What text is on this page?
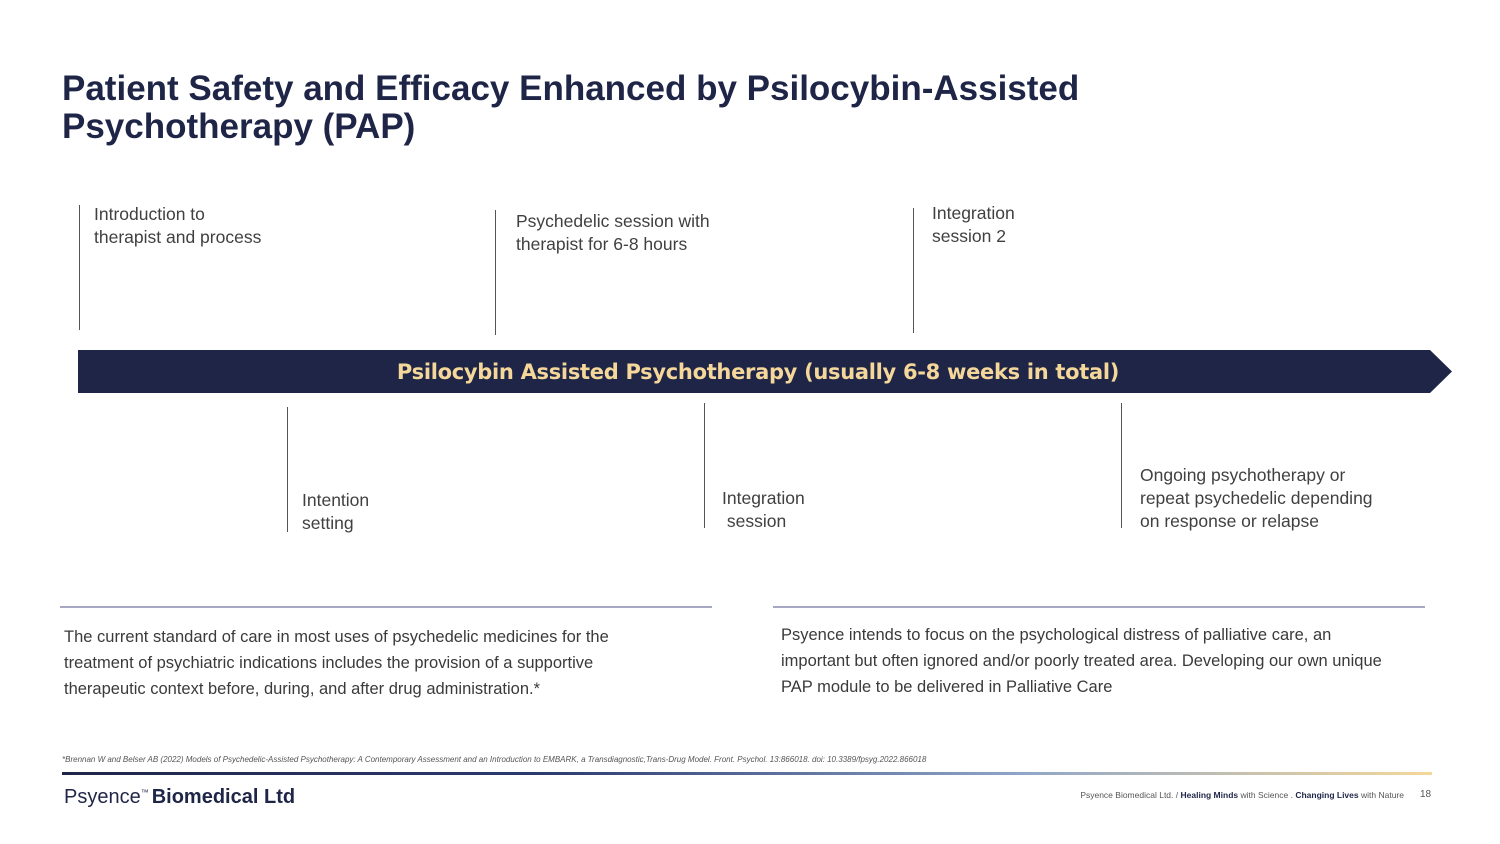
Patient Safety and Efficacy Enhanced by Psilocybin-Assisted
Psychotherapy (PAP)
Introduction to
therapist and process
Psychedelic session with
therapist for 6-8 hours
Integration
session 2
Psilocybin Assisted Psychotherapy (usually 6-8 weeks in total)
Intention
setting
Integration
session
Ongoing psychotherapy or
repeat psychedelic depending
on response or relapse
The current standard of care in most uses of psychedelic medicines for the
treatment of psychiatric indications includes the provision of a supportive
therapeutic context before, during, and after drug administration.*
Psyence intends to focus on the psychological distress of palliative care, an
important but often ignored and/or poorly treated area. Developing our own unique
PAP module to be delivered in Palliative Care
*Brennan W and Belser AB (2022) Models of Psychedelic-Assisted Psychotherapy: A Contemporary Assessment and an Introduction to EMBARK, a Transdiagnostic,Trans-Drug Model. Front. Psychol. 13:866018. doi: 10.3389/fpsyg.2022.866018
Psyence™ Biomedical Ltd	Psyence Biomedical Ltd. / Healing Minds with Science . Changing Lives with Nature 18
